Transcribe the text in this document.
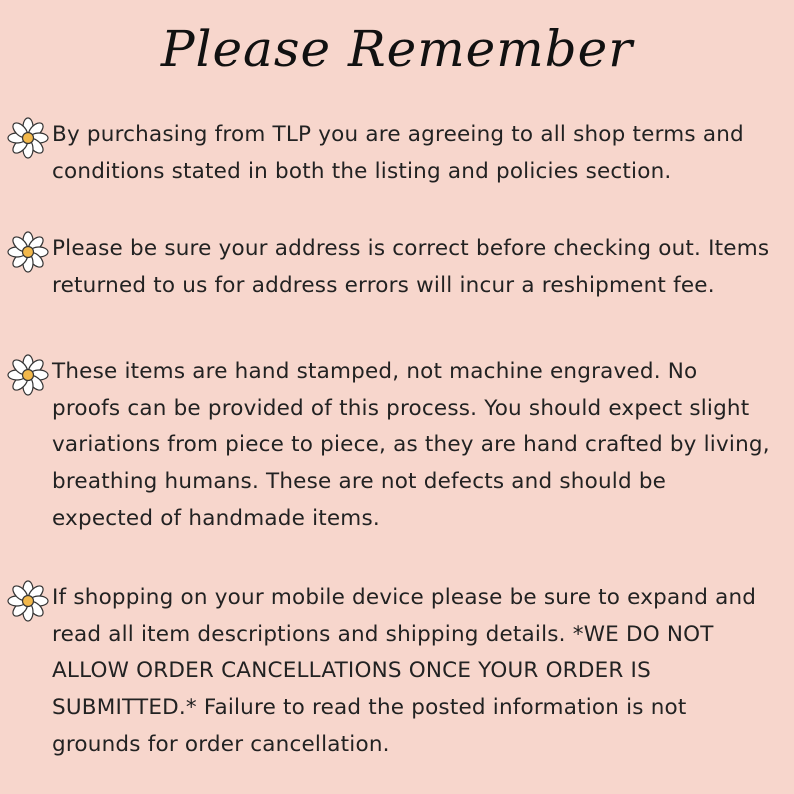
Please Remember

By purchasing from TLP you are agreeing to all shop terms and conditions stated in both the listing and policies section.

Please be sure your address is correct before checking out. Items returned to us for address errors will incur a reshipment fee.

These items are hand stamped, not machine engraved. No proofs can be provided of this process. You should expect slight variations from piece to piece, as they are hand crafted by living, breathing humans. These are not defects and should be expected of handmade items.

If shopping on your mobile device please be sure to expand and read all item descriptions and shipping details. *WE DO NOT ALLOW ORDER CANCELLATIONS ONCE YOUR ORDER IS SUBMITTED.* Failure to read the posted information is not grounds for order cancellation.
